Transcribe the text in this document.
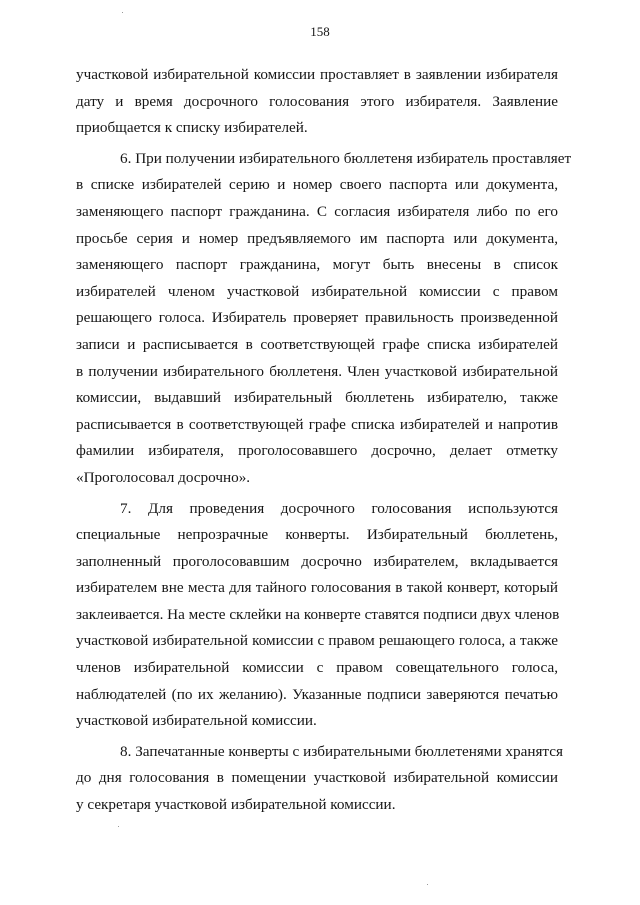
158
участковой избирательной комиссии проставляет в заявлении избирателя
дату и время досрочного голосования этого избирателя. Заявление
приобщается к списку избирателей.
6. При получении избирательного бюллетеня избиратель проставляет
в списке избирателей серию и номер своего паспорта или документа,
заменяющего паспорт гражданина. С согласия избирателя либо по его
просьбе серия и номер предъявляемого им паспорта или документа,
заменяющего паспорт гражданина, могут быть внесены в список
избирателей членом участковой избирательной комиссии с правом
решающего голоса. Избиратель проверяет правильность произведенной
записи и расписывается в соответствующей графе списка избирателей
в получении избирательного бюллетеня. Член участковой избирательной
комиссии, выдавший избирательный бюллетень избирателю, также
расписывается в соответствующей графе списка избирателей и напротив
фамилии избирателя, проголосовавшего досрочно, делает отметку
«Проголосовал досрочно».
7. Для проведения досрочного голосования используются
специальные непрозрачные конверты. Избирательный бюллетень,
заполненный проголосовавшим досрочно избирателем, вкладывается
избирателем вне места для тайного голосования в такой конверт, который
заклеивается. На месте склейки на конверте ставятся подписи двух членов
участковой избирательной комиссии с правом решающего голоса, а также
членов избирательной комиссии с правом совещательного голоса,
наблюдателей (по их желанию). Указанные подписи заверяются печатью
участковой избирательной комиссии.
8. Запечатанные конверты с избирательными бюллетенями хранятся
до дня голосования в помещении участковой избирательной комиссии
у секретаря участковой избирательной комиссии.
